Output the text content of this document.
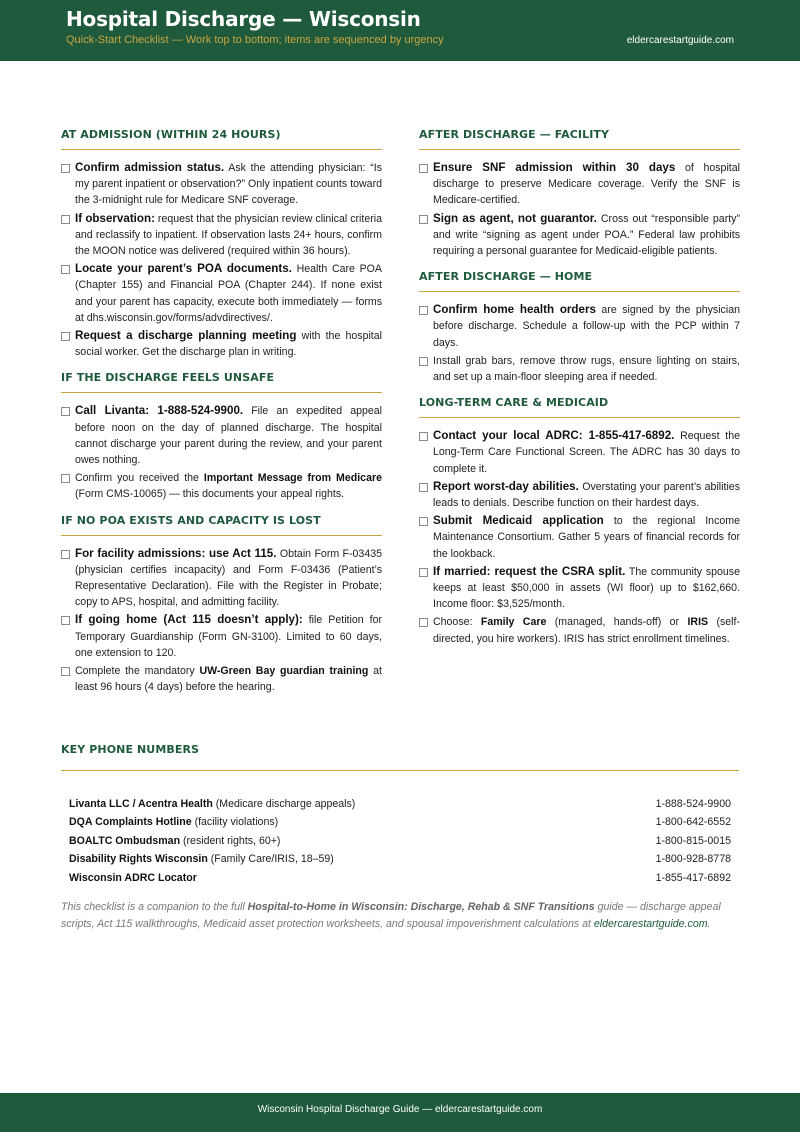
Hospital Discharge — Wisconsin
Quick-Start Checklist — Work top to bottom; items are sequenced by urgency	eldercarestartguide.com
AT ADMISSION (WITHIN 24 HOURS)
Confirm admission status. Ask the attending physician: “Is my parent inpatient or observation?” Only inpatient counts toward the 3-midnight rule for Medicare SNF coverage.
If observation: request that the physician review clinical criteria and reclassify to inpatient. If observation lasts 24+ hours, confirm the MOON notice was delivered (required within 36 hours).
Locate your parent’s POA documents. Health Care POA (Chapter 155) and Financial POA (Chapter 244). If none exist and your parent has capacity, execute both immediately — forms at dhs.wisconsin.gov/forms/advdirectives/.
Request a discharge planning meeting with the hospital social worker. Get the discharge plan in writing.
IF THE DISCHARGE FEELS UNSAFE
Call Livanta: 1-888-524-9900. File an expedited appeal before noon on the day of planned discharge. The hospital cannot discharge your parent during the review, and your parent owes nothing.
Confirm you received the Important Message from Medicare (Form CMS-10065) — this documents your appeal rights.
IF NO POA EXISTS AND CAPACITY IS LOST
For facility admissions: use Act 115. Obtain Form F-03435 (physician certifies incapacity) and Form F-03436 (Patient’s Representative Declaration). File with the Register in Probate; copy to APS, hospital, and admitting facility.
If going home (Act 115 doesn’t apply): file Petition for Temporary Guardianship (Form GN-3100). Limited to 60 days, one extension to 120.
Complete the mandatory UW-Green Bay guardian training at least 96 hours (4 days) before the hearing.
AFTER DISCHARGE — FACILITY
Ensure SNF admission within 30 days of hospital discharge to preserve Medicare coverage. Verify the SNF is Medicare-certified.
Sign as agent, not guarantor. Cross out “responsible party” and write “signing as agent under POA.” Federal law prohibits requiring a personal guarantee for Medicaid-eligible patients.
AFTER DISCHARGE — HOME
Confirm home health orders are signed by the physician before discharge. Schedule a follow-up with the PCP within 7 days.
Install grab bars, remove throw rugs, ensure lighting on stairs, and set up a main-floor sleeping area if needed.
LONG-TERM CARE & MEDICAID
Contact your local ADRC: 1-855-417-6892. Request the Long-Term Care Functional Screen. The ADRC has 30 days to complete it.
Report worst-day abilities. Overstating your parent’s abilities leads to denials. Describe function on their hardest days.
Submit Medicaid application to the regional Income Maintenance Consortium. Gather 5 years of financial records for the lookback.
If married: request the CSRA split. The community spouse keeps at least $50,000 in assets (WI floor) up to $162,660. Income floor: $3,525/month.
Choose: Family Care (managed, hands-off) or IRIS (self-directed, you hire workers). IRIS has strict enrollment timelines.
KEY PHONE NUMBERS
Livanta LLC / Acentra Health (Medicare discharge appeals)	1-888-524-9900
DQA Complaints Hotline (facility violations)	1-800-642-6552
BOALTC Ombudsman (resident rights, 60+)	1-800-815-0015
Disability Rights Wisconsin (Family Care/IRIS, 18–59)	1-800-928-8778
Wisconsin ADRC Locator	1-855-417-6892
This checklist is a companion to the full Hospital-to-Home in Wisconsin: Discharge, Rehab & SNF Transitions guide — discharge appeal scripts, Act 115 walkthroughs, Medicaid asset protection worksheets, and spousal impoverishment calculations at eldercarestartguide.com.
Wisconsin Hospital Discharge Guide — eldercarestartguide.com
